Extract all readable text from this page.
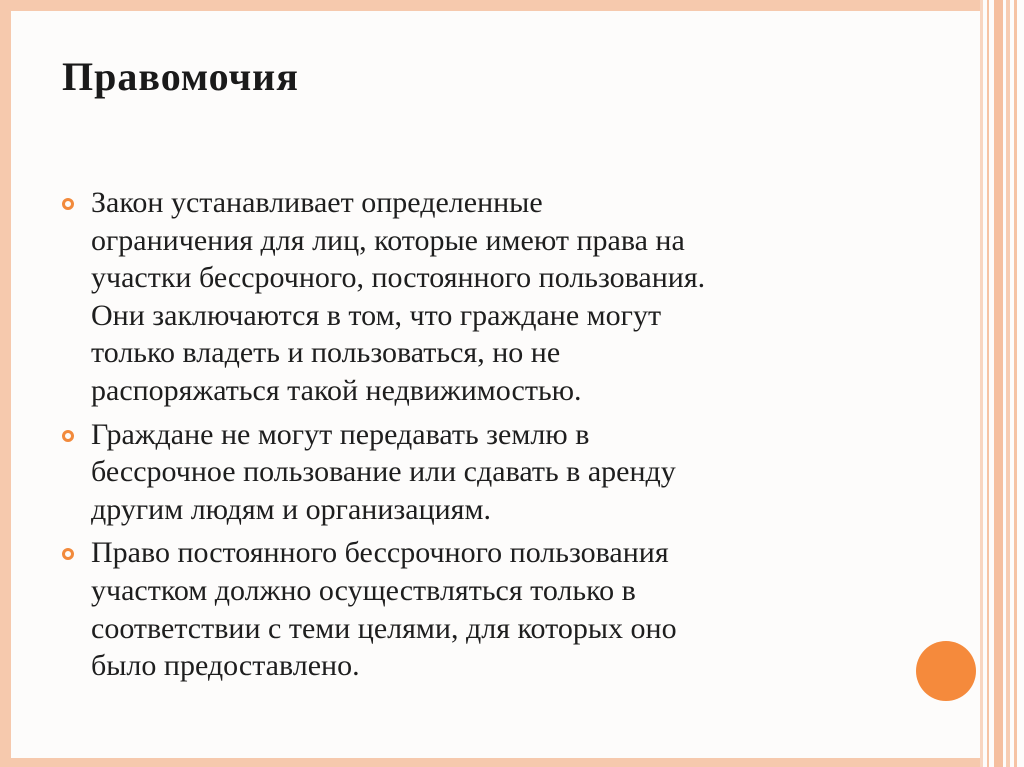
Правомочия
Закон устанавливает определенные
ограничения для лиц, которые имеют права на
участки бессрочного, постоянного пользования.
Они заключаются в том, что граждане могут
только владеть и пользоваться, но не
распоряжаться такой недвижимостью.
Граждане не могут передавать землю в
бессрочное пользование или сдавать в аренду
другим людям и организациям.
Право постоянного бессрочного пользования
участком должно осуществляться только в
соответствии с теми целями, для которых оно
было предоставлено.
